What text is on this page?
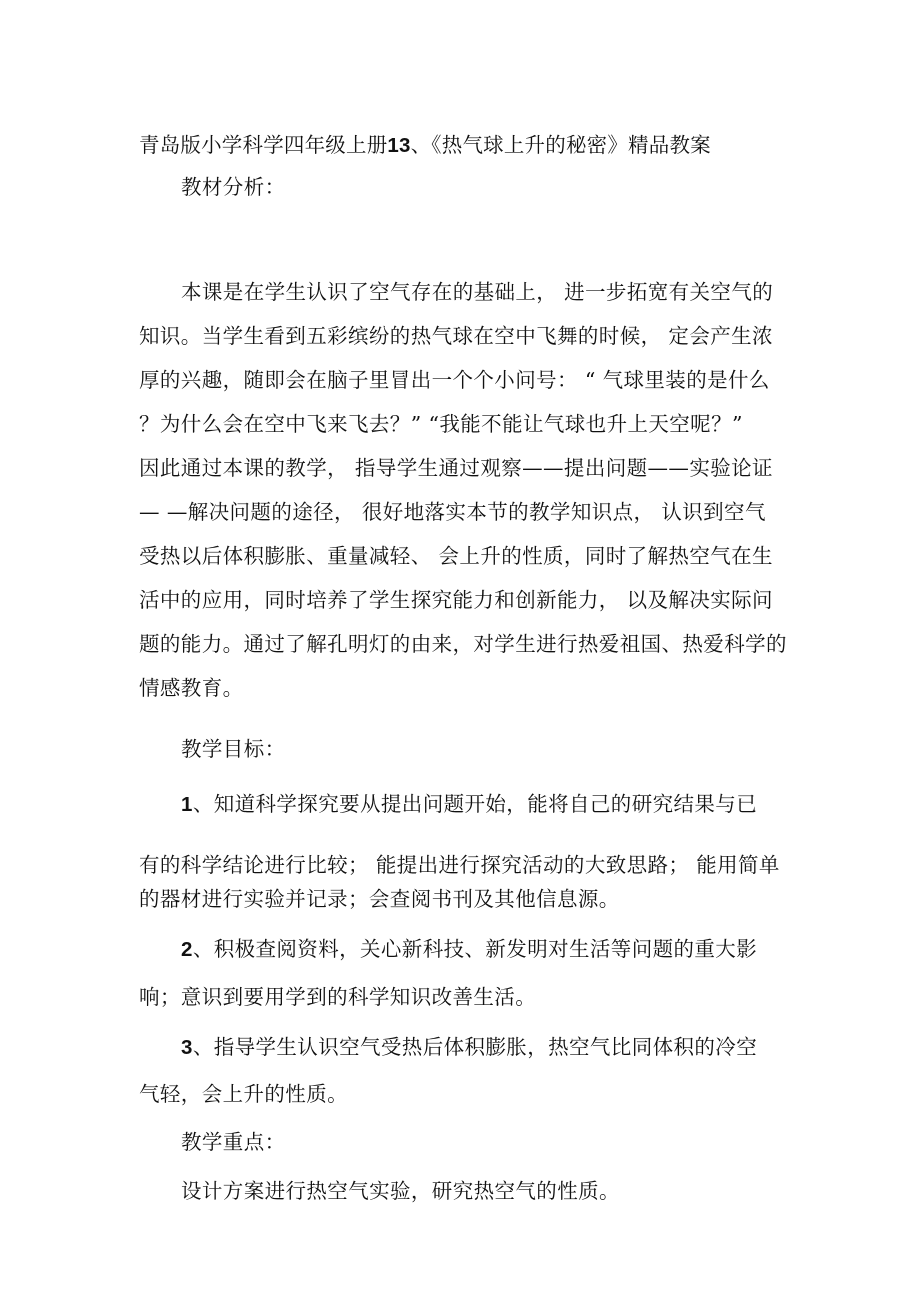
青岛版小学科学四年级上册13、《热气球上升的秘密》精品教案
教材分析：
本课是在学生认识了空气存在的基础上， 进一步拓宽有关空气的
知识。当学生看到五彩缤纷的热气球在空中飞舞的时候， 定会产生浓
厚的兴趣，随即会在脑子里冒出一个个小问号： “ 气球里装的是什么
？为什么会在空中飞来飞去？” “我能不能让气球也升上天空呢？”
因此通过本课的教学， 指导学生通过观察——提出问题——实验论证
— —解决问题的途径， 很好地落实本节的教学知识点， 认识到空气
受热以后体积膨胀、重量减轻、 会上升的性质，同时了解热空气在生
活中的应用，同时培养了学生探究能力和创新能力， 以及解决实际问
题的能力。通过了解孔明灯的由来，对学生进行热爱祖国、热爱科学的
情感教育。
教学目标：
1、知道科学探究要从提出问题开始，能将自己的研究结果与已
有的科学结论进行比较； 能提出进行探究活动的大致思路； 能用简单
的器材进行实验并记录；会查阅书刊及其他信息源。
2、积极查阅资料，关心新科技、新发明对生活等问题的重大影
响；意识到要用学到的科学知识改善生活。
3、指导学生认识空气受热后体积膨胀，热空气比同体积的冷空
气轻，会上升的性质。
教学重点：
设计方案进行热空气实验，研究热空气的性质。
